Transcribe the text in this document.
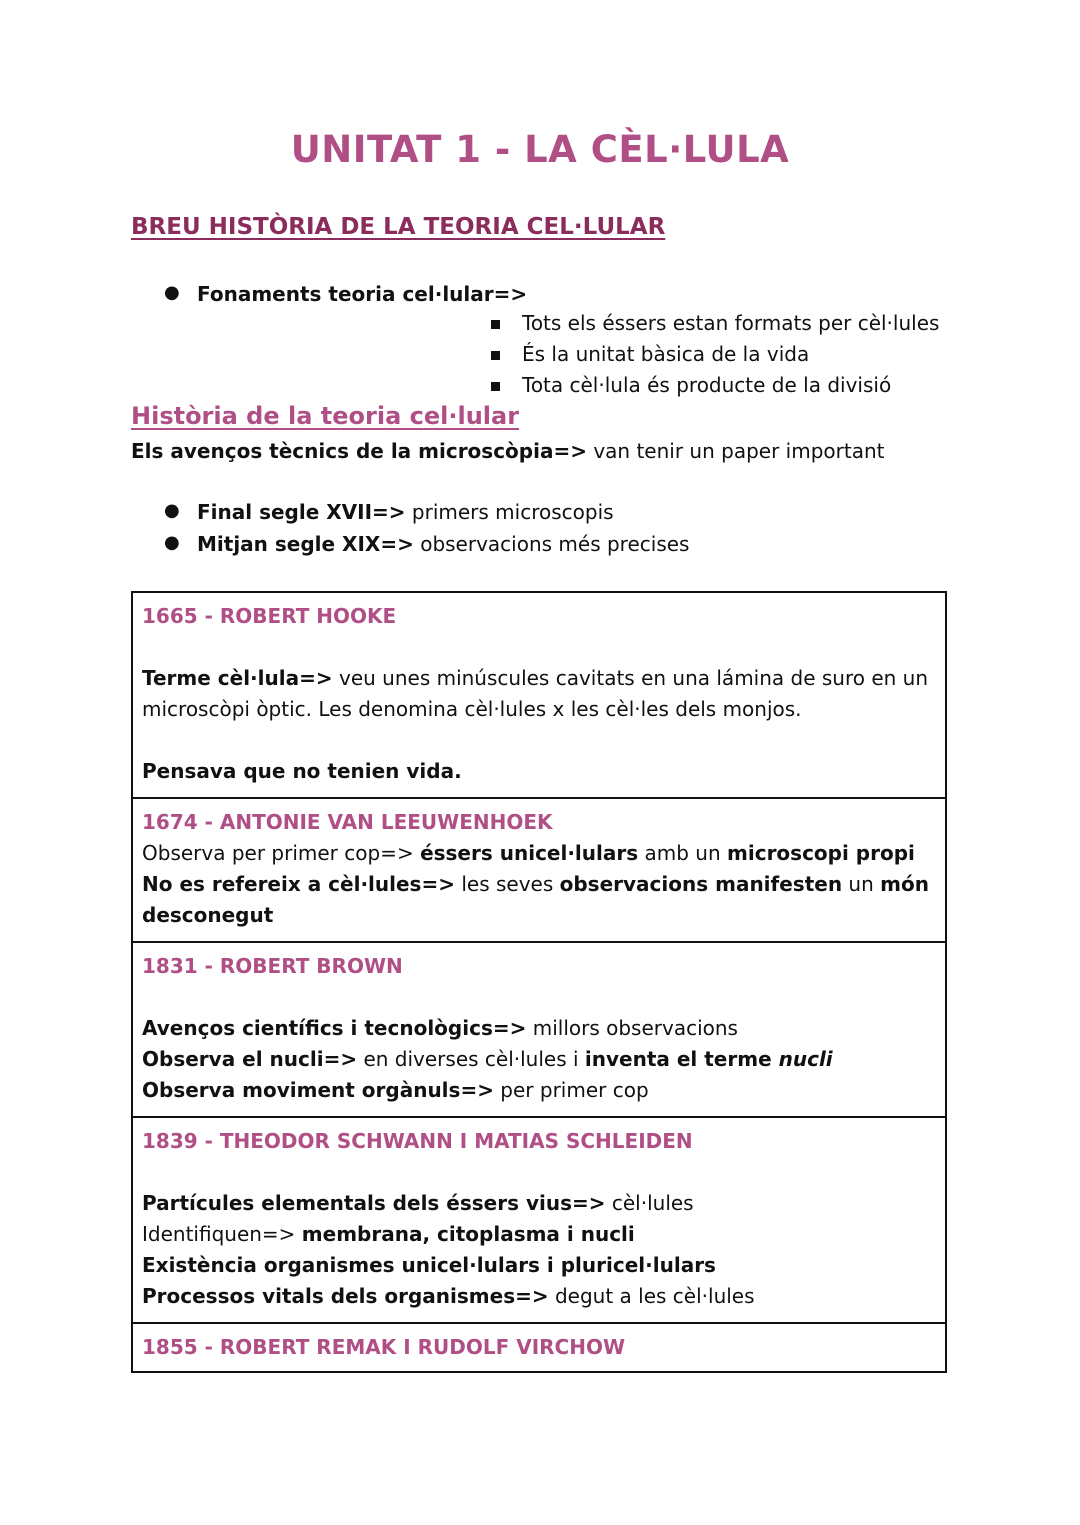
UNITAT 1 - LA CÈL·LULA
BREU HISTÒRIA DE LA TEORIA CEL·LULAR
● Fonaments teoria cel·lular=>
Tots els éssers estan formats per cèl·lules
És la unitat bàsica de la vida
Tota cèl·lula és producte de la divisió
Història de la teoria cel·lular
Els avenços tècnics de la microscòpia=> van tenir un paper important
● Final segle XVII=> primers microscopis
● Mitjan segle XIX=> observacions més precises
1665 - ROBERT HOOKE
Terme cèl·lula=> veu unes minúscules cavitats en una lámina de suro en un
microscòpi òptic. Les denomina cèl·lules x les cèl·les dels monjos.
Pensava que no tenien vida.

1674 - ANTONIE VAN LEEUWENHOEK
Observa per primer cop=> éssers unicel·lulars amb un microscopi propi
No es refereix a cèl·lules=> les seves observacions manifesten un món
desconegut

1831 - ROBERT BROWN
Avenços científics i tecnològics=> millors observacions
Observa el nucli=> en diverses cèl·lules i inventa el terme nucli
Observa moviment orgànuls=> per primer cop

1839 - THEODOR SCHWANN I MATIAS SCHLEIDEN
Partícules elementals dels éssers vius=> cèl·lules
Identifiquen=> membrana, citoplasma i nucli
Existència organismes unicel·lulars i pluricel·lulars
Processos vitals dels organismes=> degut a les cèl·lules

1855 - ROBERT REMAK I RUDOLF VIRCHOW
